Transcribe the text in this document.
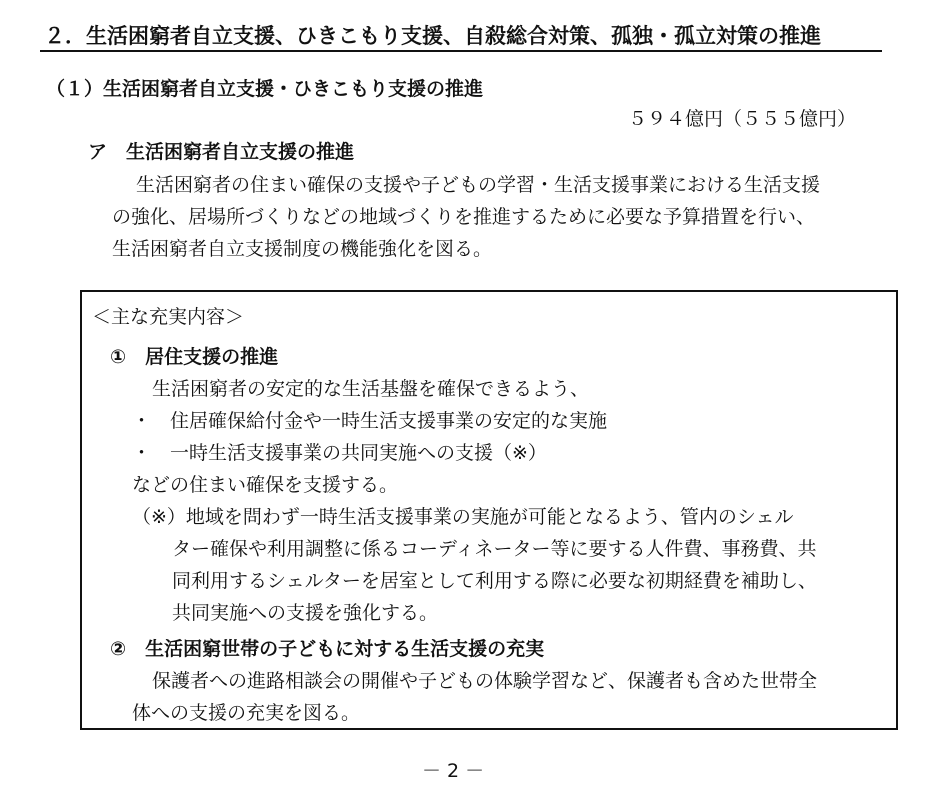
２．生活困窮者自立支援、ひきこもり支援、自殺総合対策、孤独・孤立対策の推進
（１）生活困窮者自立支援・ひきこもり支援の推進
５９４億円（５５５億円）
ア　生活困窮者自立支援の推進
生活困窮者の住まい確保の支援や子どもの学習・生活支援事業における生活支援
の強化、居場所づくりなどの地域づくりを推進するために必要な予算措置を行い、
生活困窮者自立支援制度の機能強化を図る。
＜主な充実内容＞
①　居住支援の推進
生活困窮者の安定的な生活基盤を確保できるよう、
・　住居確保給付金や一時生活支援事業の安定的な実施
・　一時生活支援事業の共同実施への支援（※）
などの住まい確保を支援する。
（※）地域を問わず一時生活支援事業の実施が可能となるよう、管内のシェル
ター確保や利用調整に係るコーディネーター等に要する人件費、事務費、共
同利用するシェルターを居室として利用する際に必要な初期経費を補助し、
共同実施への支援を強化する。
②　生活困窮世帯の子どもに対する生活支援の充実
保護者への進路相談会の開催や子どもの体験学習など、保護者も含めた世帯全
体への支援の充実を図る。
－ 2 －
